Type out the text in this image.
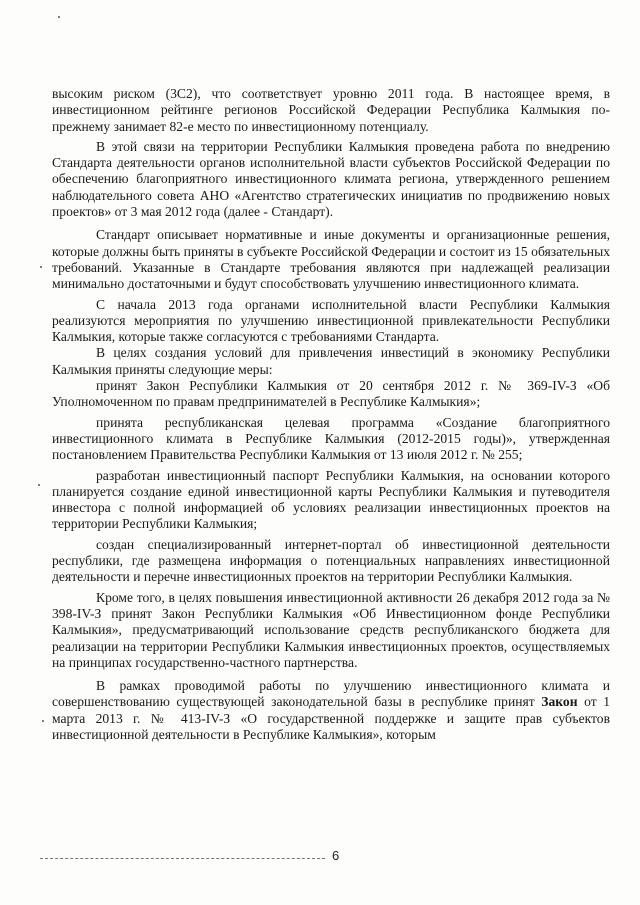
высоким риском (3С2), что соответствует уровню 2011 года. В настоящее время, в инвестиционном рейтинге регионов Российской Федерации Республика Калмыкия по-прежнему занимает 82-е место по инвестиционному потенциалу.

В этой связи на территории Республики Калмыкия проведена работа по внедрению Стандарта деятельности органов исполнительной власти субъектов Российской Федерации по обеспечению благоприятного инвестиционного климата региона, утвержденного решением наблюдательного совета АНО «Агентство стратегических инициатив по продвижению новых проектов» от 3 мая 2012 года (далее - Стандарт).

Стандарт описывает нормативные и иные документы и организационные решения, которые должны быть приняты в субъекте Российской Федерации и состоит из 15 обязательных требований. Указанные в Стандарте требования являются при надлежащей реализации минимально достаточными и будут способствовать улучшению инвестиционного климата.

С начала 2013 года органами исполнительной власти Республики Калмыкия реализуются мероприятия по улучшению инвестиционной привлекательности Республики Калмыкия, которые также согласуются с требованиями Стандарта.

В целях создания условий для привлечения инвестиций в экономику Республики Калмыкия приняты следующие меры:

принят Закон Республики Калмыкия от 20 сентября 2012 г. № 369-IV-З «Об Уполномоченном по правам предпринимателей в Республике Калмыкия»;

принята республиканская целевая программа «Создание благоприятного инвестиционного климата в Республике Калмыкия (2012-2015 годы)», утвержденная постановлением Правительства Республики Калмыкия от 13 июля 2012 г. № 255;

разработан инвестиционный паспорт Республики Калмыкия, на основании которого планируется создание единой инвестиционной карты Республики Калмыкия и путеводителя инвестора с полной информацией об условиях реализации инвестиционных проектов на территории Республики Калмыкия;

создан специализированный интернет-портал об инвестиционной деятельности республики, где размещена информация о потенциальных направлениях инвестиционной деятельности и перечне инвестиционных проектов на территории Республики Калмыкия.

Кроме того, в целях повышения инвестиционной активности 26 декабря 2012 года за № 398-IV-З принят Закон Республики Калмыкия «Об Инвестиционном фонде Республики Калмыкия», предусматривающий использование средств республиканского бюджета для реализации на территории Республики Калмыкия инвестиционных проектов, осуществляемых на принципах государственно-частного партнерства.

В рамках проводимой работы по улучшению инвестиционного климата и совершенствованию существующей законодательной базы в республике принят Закон от 1 марта 2013 г. № 413-IV-З «О государственной поддержке и защите прав субъектов инвестиционной деятельности в Республике Калмыкия», которым

6
